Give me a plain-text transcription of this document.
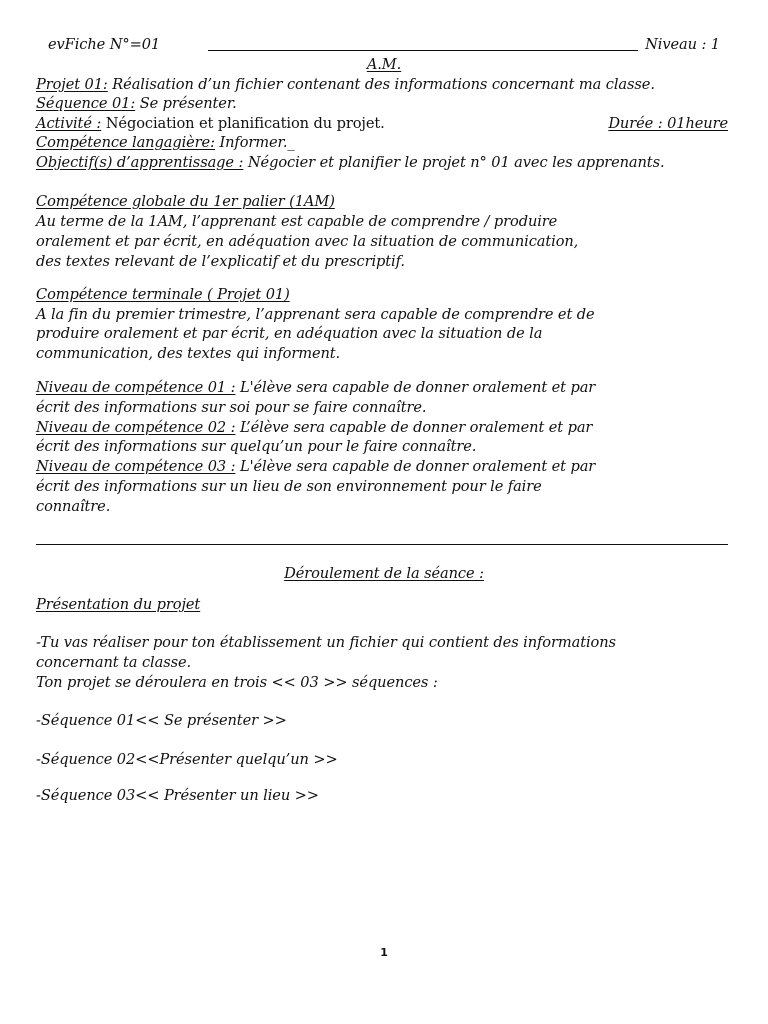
evFiche N°=01	Niveau : 1
A.M.
Projet 01: Réalisation d’un fichier contenant des informations concernant ma classe.
Séquence 01: Se présenter.
Activité : Négociation et planification du projet.	Durée : 01heure
Compétence langagière: Informer._
Objectif(s) d’apprentissage : Négocier et planifier le projet n° 01 avec les apprenants.
Compétence globale du 1er palier (1AM)
Au terme de la 1AM, l’apprenant est capable de comprendre / produire
oralement et par écrit, en adéquation avec la situation de communication,
des textes relevant de l’explicatif et du prescriptif.
Compétence terminale ( Projet 01)
A la fin du premier trimestre, l’apprenant sera capable de comprendre et de
produire oralement et par écrit, en adéquation avec la situation de la
communication, des textes qui informent.
Niveau de compétence 01 : L'élève sera capable de donner oralement et par
écrit des informations sur soi pour se faire connaître.
Niveau de compétence 02 : L’élève sera capable de donner oralement et par
écrit des informations sur quelqu’un pour le faire connaître.
Niveau de compétence 03 : L'élève sera capable de donner oralement et par
écrit des informations sur un lieu de son environnement pour le faire
connaître.
Déroulement de la séance :
Présentation du projet
-Tu vas réaliser pour ton établissement un fichier qui contient des informations
concernant ta classe.
Ton projet se déroulera en trois << 03 >> séquences :
-Séquence 01<< Se présenter >>
-Séquence 02<<Présenter quelqu’un >>
-Séquence 03<< Présenter un lieu >>
1
